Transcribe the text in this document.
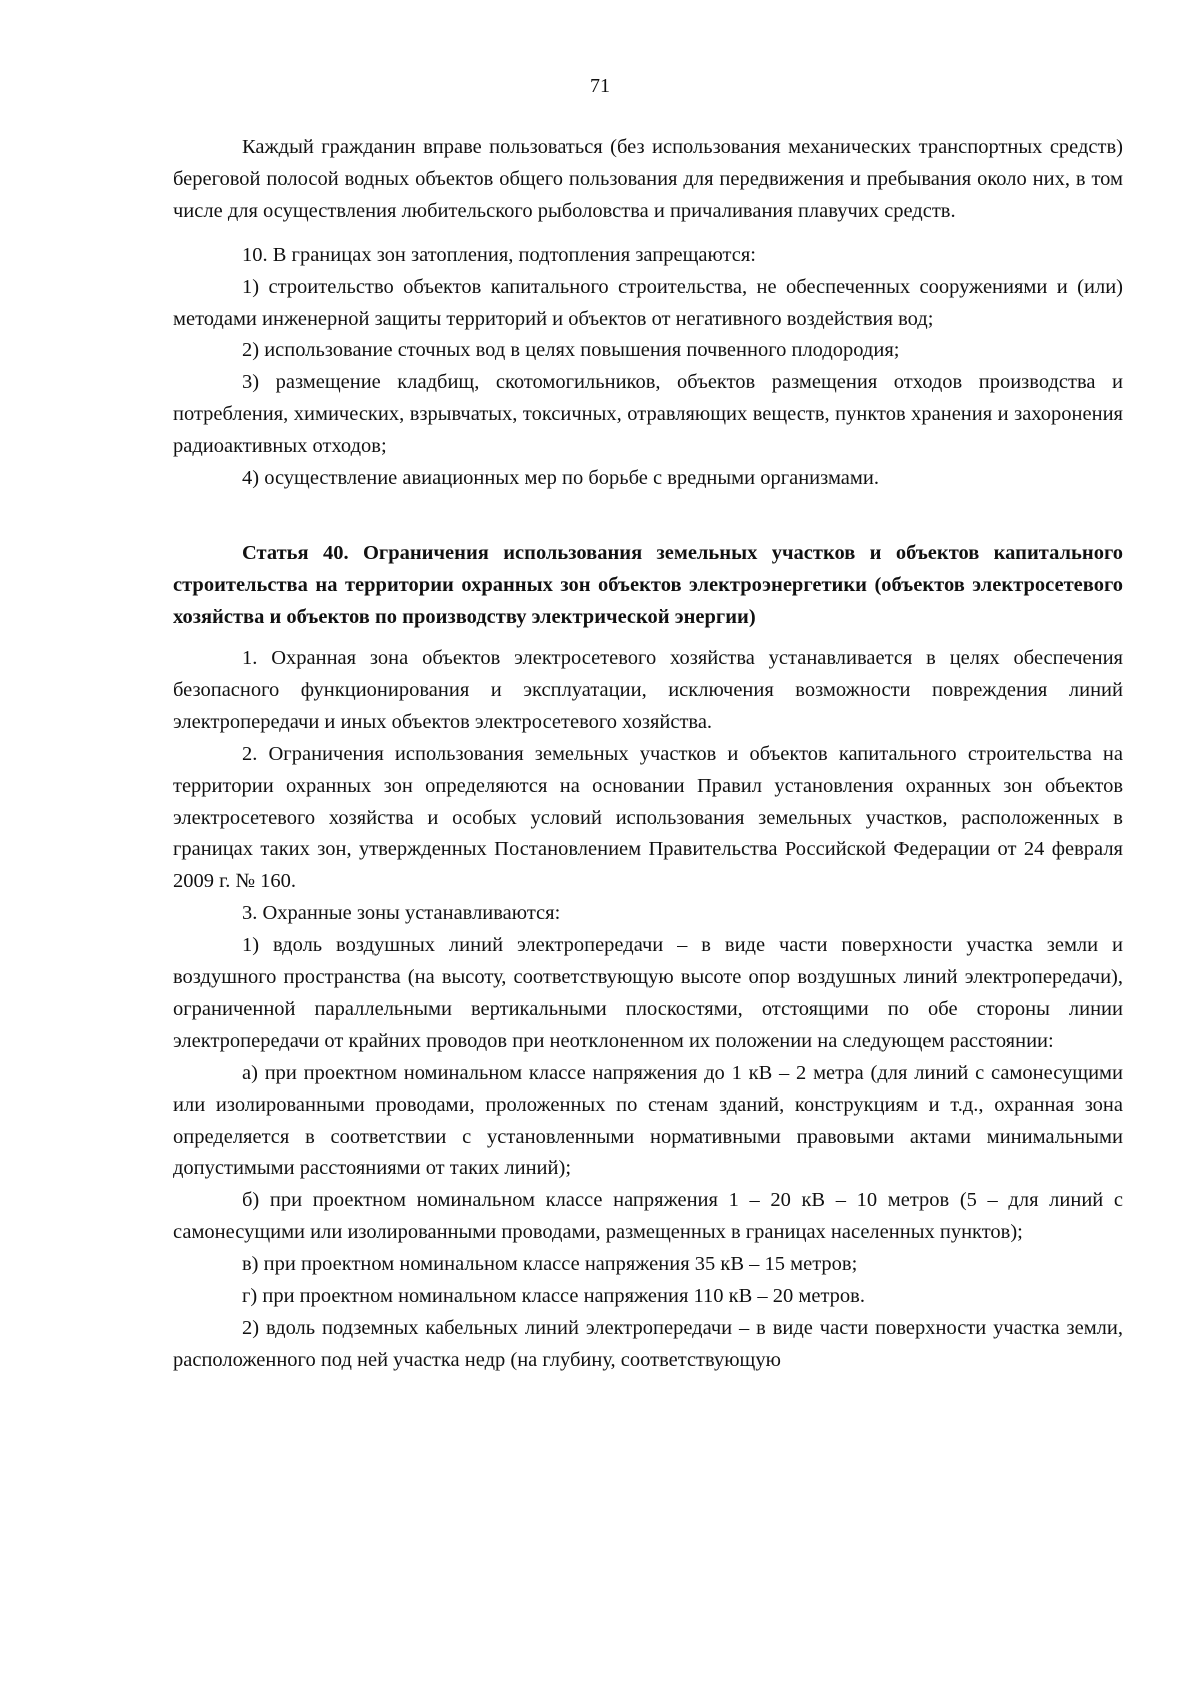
71

Каждый гражданин вправе пользоваться (без использования механических транспортных средств) береговой полосой водных объектов общего пользования для передвижения и пребывания около них, в том числе для осуществления любительского рыболовства и причаливания плавучих средств.

10. В границах зон затопления, подтопления запрещаются:

1) строительство объектов капитального строительства, не обеспеченных сооружениями и (или) методами инженерной защиты территорий и объектов от негативного воздействия вод;

2) использование сточных вод в целях повышения почвенного плодородия;

3) размещение кладбищ, скотомогильников, объектов размещения отходов производства и потребления, химических, взрывчатых, токсичных, отравляющих веществ, пунктов хранения и захоронения радиоактивных отходов;

4) осуществление авиационных мер по борьбе с вредными организмами.

Статья 40. Ограничения использования земельных участков и объектов капитального строительства на территории охранных зон объектов электроэнергетики (объектов электросетевого хозяйства и объектов по производству электрической энергии)

1. Охранная зона объектов электросетевого хозяйства устанавливается в целях обеспечения безопасного функционирования и эксплуатации, исключения возможности повреждения линий электропередачи и иных объектов электросетевого хозяйства.

2. Ограничения использования земельных участков и объектов капитального строительства на территории охранных зон определяются на основании Правил установления охранных зон объектов электросетевого хозяйства и особых условий использования земельных участков, расположенных в границах таких зон, утвержденных Постановлением Правительства Российской Федерации от 24 февраля 2009 г. № 160.

3. Охранные зоны устанавливаются:

1) вдоль воздушных линий электропередачи – в виде части поверхности участка земли и воздушного пространства (на высоту, соответствующую высоте опор воздушных линий электропередачи), ограниченной параллельными вертикальными плоскостями, отстоящими по обе стороны линии электропередачи от крайних проводов при неотклоненном их положении на следующем расстоянии:

а) при проектном номинальном классе напряжения до 1 кВ – 2 метра (для линий с самонесущими или изолированными проводами, проложенных по стенам зданий, конструкциям и т.д., охранная зона определяется в соответствии с установленными нормативными правовыми актами минимальными допустимыми расстояниями от таких линий);

б) при проектном номинальном классе напряжения 1 – 20 кВ – 10 метров (5 – для линий с самонесущими или изолированными проводами, размещенных в границах населенных пунктов);

в) при проектном номинальном классе напряжения 35 кВ – 15 метров;

г) при проектном номинальном классе напряжения 110 кВ – 20 метров.

2) вдоль подземных кабельных линий электропередачи – в виде части поверхности участка земли, расположенного под ней участка недр (на глубину, соответствующую
